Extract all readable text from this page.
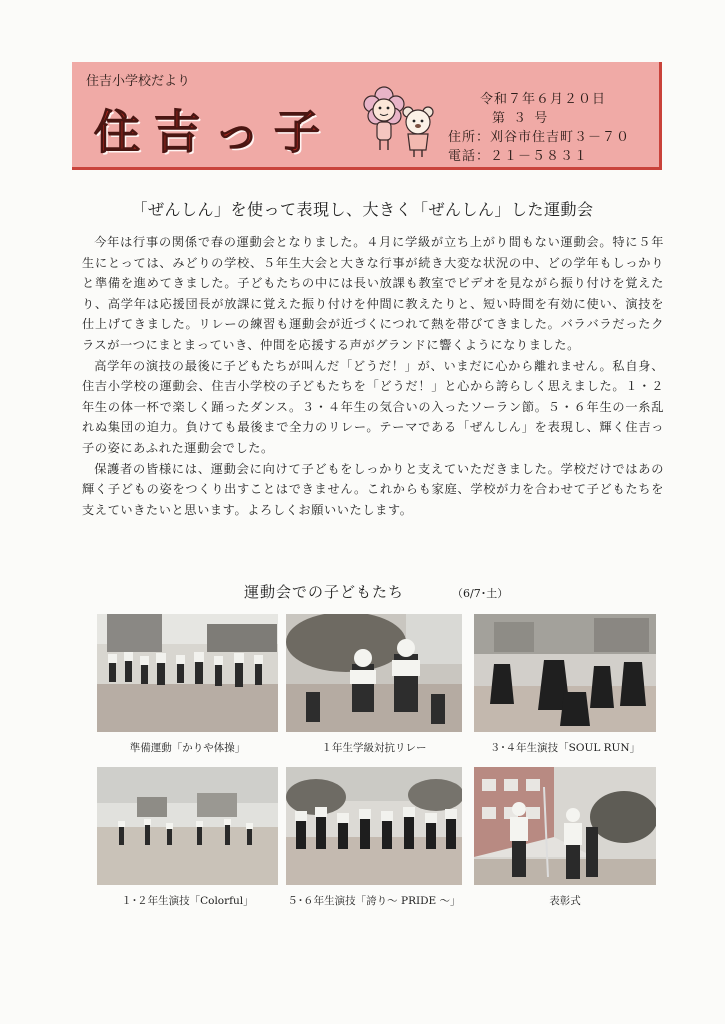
住吉小学校だより
住吉っ子
令和７年６月２０日
第 ３ 号
住所：刈谷市住吉町３－７０
電話：２１－５８３１
「ぜんしん」を使って表現し、大きく「ぜんしん」した運動会

今年は行事の関係で春の運動会となりました。４月に学級が立ち上がり間もない運動会。特に５年生にとっては、みどりの学校、５年生大会と大きな行事が続き大変な状況の中、どの学年もしっかりと準備を進めてきました。子どもたちの中には長い放課も教室でビデオを見ながら振り付けを覚えたり、高学年は応援団長が放課に覚えた振り付けを仲間に教えたりと、短い時間を有効に使い、演技を仕上げてきました。リレーの練習も運動会が近づくにつれて熱を帯びてきました。バラバラだったクラスが一つにまとまっていき、仲間を応援する声がグランドに響くようになりました。

高学年の演技の最後に子どもたちが叫んだ「どうだ！」が、いまだに心から離れません。私自身、住吉小学校の運動会、住吉小学校の子どもたちを「どうだ！」と心から誇らしく思えました。１・２年生の体一杯で楽しく踊ったダンス。３・４年生の気合いの入ったソーラン節。５・６年生の一糸乱れぬ集団の迫力。負けても最後まで全力のリレー。テーマである「ぜんしん」を表現し、輝く住吉っ子の姿にあふれた運動会でした。

保護者の皆様には、運動会に向けて子どもをしっかりと支えていただきました。学校だけではあの輝く子どもの姿をつくり出すことはできません。これからも家庭、学校が力を合わせて子どもたちを支えていきたいと思います。よろしくお願いいたします。

運動会での子どもたち	（6/7･土）
準備運動「かりや体操」	１年生学級対抗リレー	３･４年生演技「SOUL RUN」
１･２年生演技「Colorful」	５･６年生演技「誇り～ PRIDE ～」	表彰式
